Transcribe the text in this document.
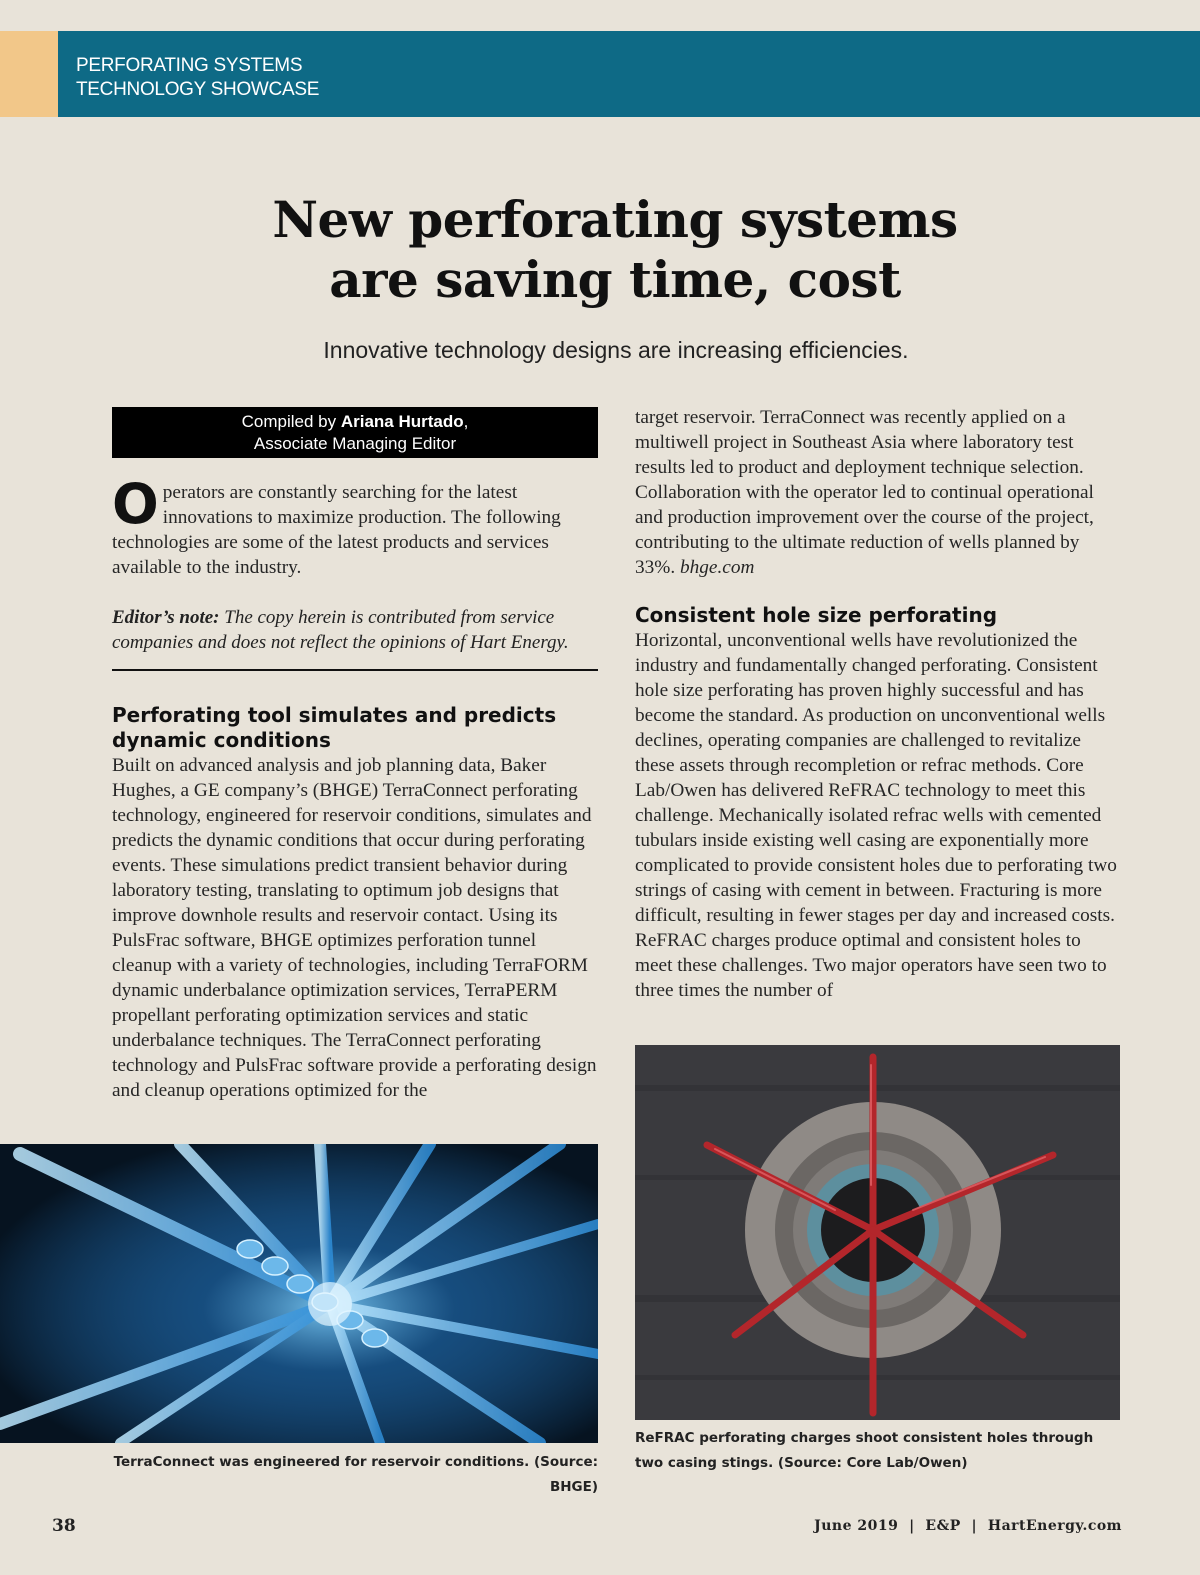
PERFORATING SYSTEMS
TECHNOLOGY SHOWCASE
New perforating systems
are saving time, cost
Innovative technology designs are increasing efficiencies.
Compiled by Ariana Hurtado,
Associate Managing Editor
Operators are constantly searching for the latest innovations to maximize production. The following technologies are some of the latest products and services available to the industry.
Editor’s note: The copy herein is contributed from service companies and does not reflect the opinions of Hart Energy.
Perforating tool simulates and predicts dynamic conditions
Built on advanced analysis and job planning data, Baker Hughes, a GE company’s (BHGE) TerraConnect perforating technology, engineered for reservoir conditions, simulates and predicts the dynamic conditions that occur during perforating events. These simulations predict transient behavior during laboratory testing, translating to optimum job designs that improve downhole results and reservoir contact. Using its PulsFrac software, BHGE optimizes perforation tunnel cleanup with a variety of technologies, including TerraFORM dynamic underbalance optimization services, TerraPERM propellant perforating optimization services and static underbalance techniques. The TerraConnect perforating technology and PulsFrac software provide a perforating design and cleanup operations optimized for the
target reservoir. TerraConnect was recently applied on a multiwell project in Southeast Asia where laboratory test results led to product and deployment technique selection. Collaboration with the operator led to continual operational and production improvement over the course of the project, contributing to the ultimate reduction of wells planned by 33%. bhge.com
Consistent hole size perforating
Horizontal, unconventional wells have revolutionized the industry and fundamentally changed perforating. Consistent hole size perforating has proven highly successful and has become the standard. As production on unconventional wells declines, operating companies are challenged to revitalize these assets through recompletion or refrac methods. Core Lab/Owen has delivered ReFRAC technology to meet this challenge. Mechanically isolated refrac wells with cemented tubulars inside existing well casing are exponentially more complicated to provide consistent holes due to perforating two strings of casing with cement in between. Fracturing is more difficult, resulting in fewer stages per day and increased costs. ReFRAC charges produce optimal and consistent holes to meet these challenges. Two major operators have seen two to three times the number of
TerraConnect was engineered for reservoir conditions. (Source: BHGE)
ReFRAC perforating charges shoot consistent holes through two casing stings. (Source: Core Lab/Owen)
38	June 2019  |  E&P  |  HartEnergy.com
